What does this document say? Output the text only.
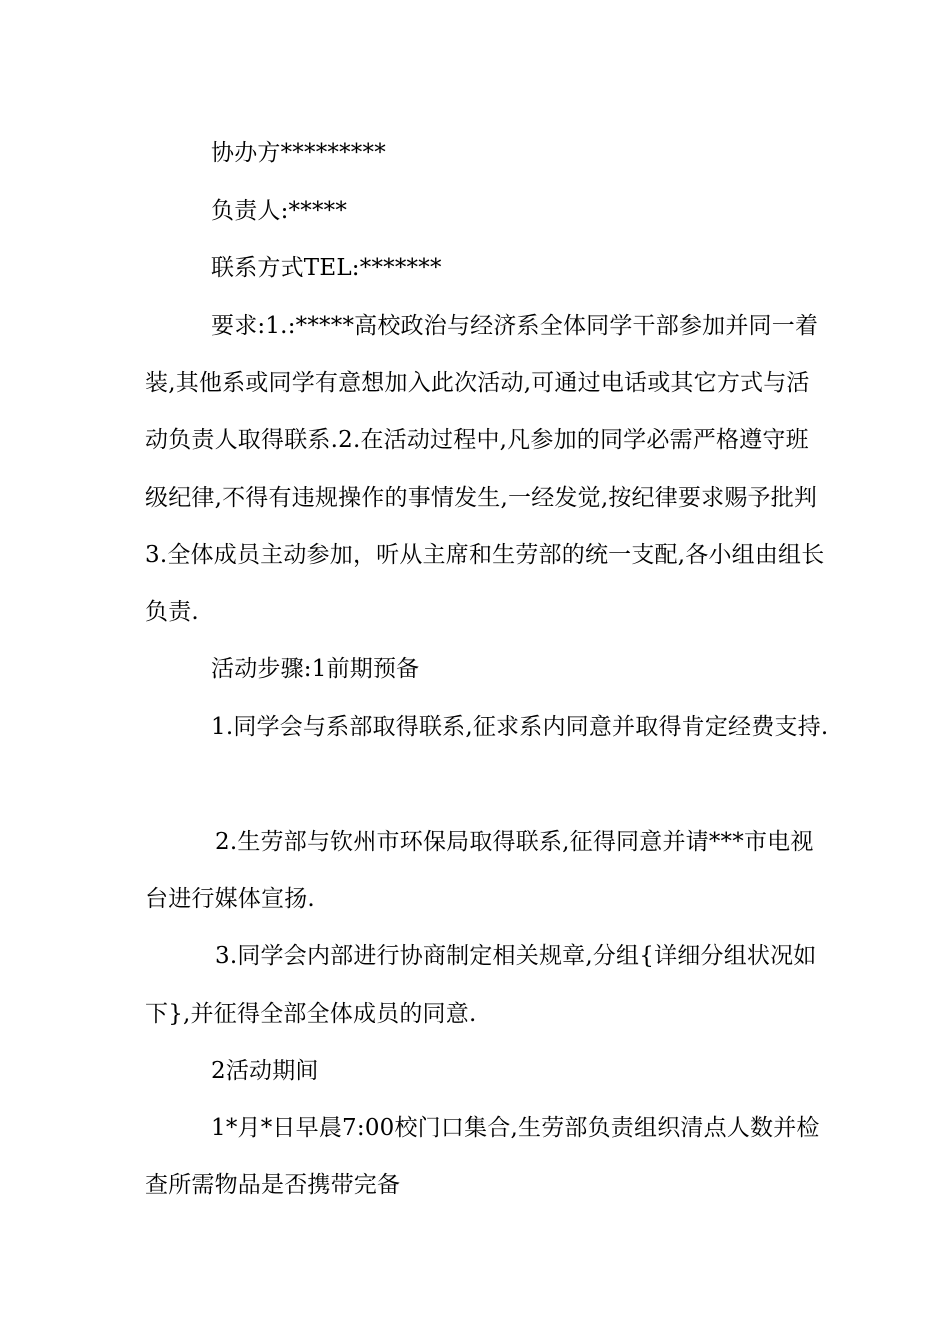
协办方*********
负责人:*****
联系方式TEL:*******
要求:1.:*****高校政治与经济系全体同学干部参加并同一着
装,其他系或同学有意想加入此次活动,可通过电话或其它方式与活
动负责人取得联系.2.在活动过程中,凡参加的同学必需严格遵守班
级纪律,不得有违规操作的事情发生,一经发觉,按纪律要求赐予批判
3.全体成员主动参加，听从主席和生劳部的统一支配,各小组由组长
负责.
活动步骤:1前期预备
1.同学会与系部取得联系,征求系内同意并取得肯定经费支持.
2.生劳部与钦州市环保局取得联系,征得同意并请***市电视
台进行媒体宣扬.
3.同学会内部进行协商制定相关规章,分组{详细分组状况如
下},并征得全部全体成员的同意.
2活动期间
1*月*日早晨7:00校门口集合,生劳部负责组织清点人数并检
查所需物品是否携带完备
